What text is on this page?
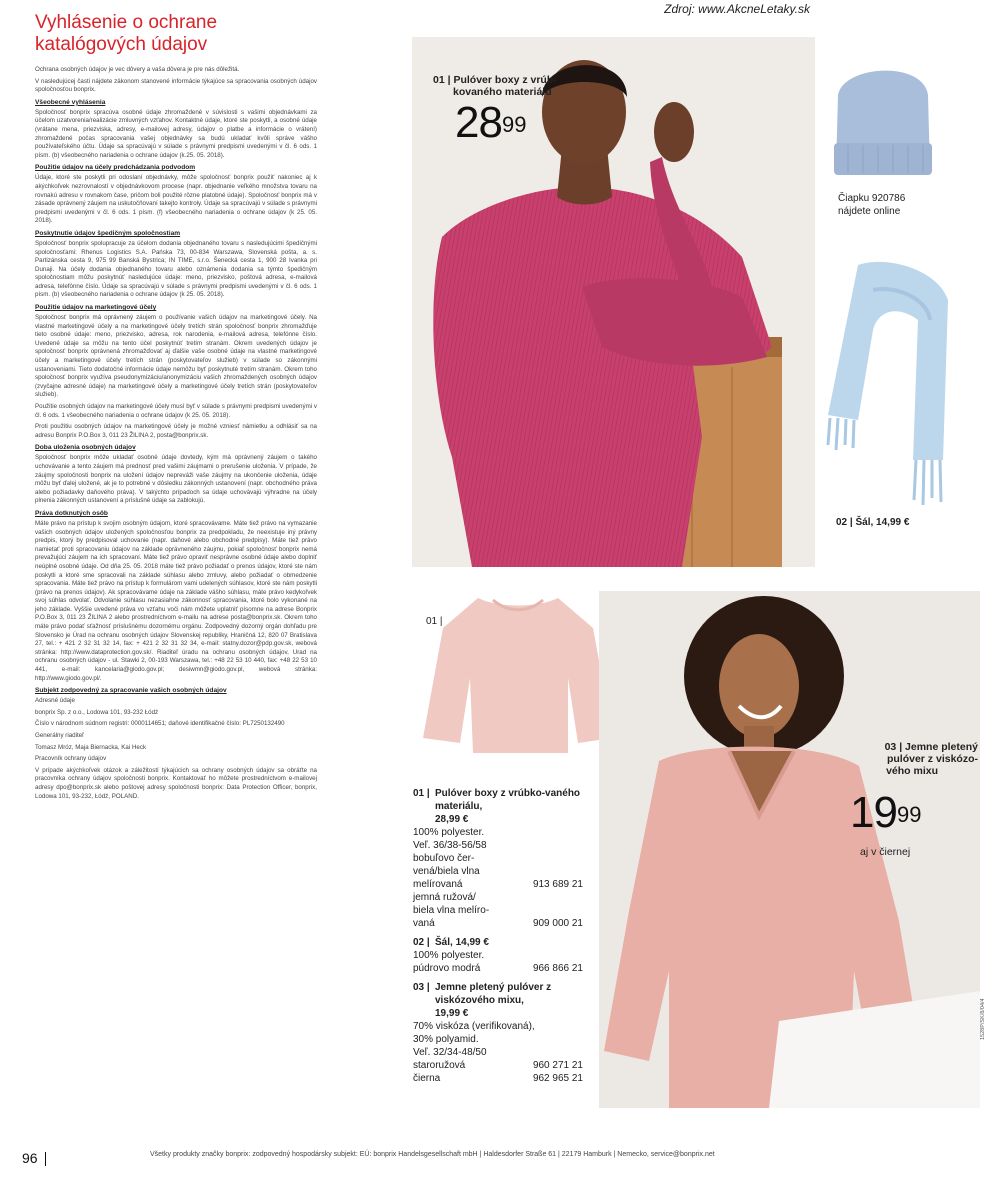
Zdroj: www.AkcneLetaky.sk
Vyhlásenie o ochrane
katalógových údajov

Ochrana osobných údajov je vec dôvery a vaša dôvera je pre nás dôležitá.

V nasledujúcej časti nájdete zákonom stanovené informácie týkajúce sa spracovania osobných údajov spoločnosťou bonprix.

Všeobecné vyhlásenia

Spoločnosť bonprix spracúva osobné údaje zhromaždené v súvislosti s vašimi objednávkami za účelom uzatvorenia/realizácie zmluvných vzťahov. Kontaktné údaje, ktoré ste poskytli, a osobné údaje (vrátane mena, priezviska, adresy, e-mailovej adresy, údajov o platbe a informácie o vrátení) zhromaždené počas spracovania vašej objednávky sa budú ukladať kvôli správe vášho používateľského účtu. Údaje sa spracúvajú v súlade s právnymi predpismi uvedenými v čl. 6 ods. 1 písm. (b) všeobecného nariadenia o ochrane údajov (k.25. 05. 2018).

Použitie údajov na účely predchádzania podvodom

Údaje, ktoré ste poskytli pri odoslaní objednávky, môže spoločnosť bonprix použiť nakoniec aj k akýchkoľvek nezrovnalostí v objednávkovom procese (napr. objednanie veľkého množstva tovaru na rovnakú adresu v rovnakom čase, pričom boli použité rôzne platobné údaje). Spoločnosť bonprix má v zásade oprávnený záujem na uskutočňovaní takejto kontroly. Údaje sa spracúvajú v súlade s právnymi predpismi uvedenými v čl. 6 ods. 1 písm. (f) všeobecného nariadenia o ochrane údajov (k 25. 05. 2018).

Poskytnutie údajov špedičným spoločnostiam

Spoločnosť bonprix spolupracuje za účelom dodania objednaného tovaru s nasledujúcimi špedičnými spoločnosťami: Rhenus Logistics S.A. Pańska 73, 00-834 Warszawa, Slovenská pošta, a. s. Partizánska cesta 9, 975 99 Banská Bystrica; IN TIME, s.r.o. Šenecká cesta 1, 900 28 Ivanka pri Dunaji. Na účely dodania objednaného tovaru alebo oznámenia dodania sa týmto špedičným spoločnostiam môžu poskytnúť nasledujúce údaje: meno, priezvisko, poštová adresa, e-mailová adresa, telefónne číslo. Údaje sa spracúvajú v súlade s právnymi predpismi uvedenými v čl. 6 ods. 1 písm. (b) všeobecného nariadenia o ochrane údajov (k 25. 05. 2018).

Použitie údajov na marketingové účely

Spoločnosť bonprix má oprávnený záujem o používanie vašich údajov na marketingové účely. Na vlastné marketingové účely a na marketingové účely tretích strán spoločnosť bonprix zhromažďuje tieto osobné údaje: meno, priezvisko, adresa, rok narodenia, e-mailová adresa, telefónne číslo. Uvedené údaje sa môžu na tento účel poskytnúť tretím stranám. Okrem uvedených údajov je spoločnosť bonprix oprávnená zhromažďovať aj ďalšie vaše osobné údaje na vlastné marketingové účely a marketingové účely tretích strán (poskytovateľov služieb) v súlade so zákonnými ustanoveniami. Tieto dodatočné informácie údaje nemôžu byť poskytnuté tretím stranám. Okrem toho spoločnosť bonprix využíva pseudonymizáciu/anonymizáciu vašich zhromaždených osobných údajov (zvyčajne adresné údaje) na marketingové účely a marketingové účely tretích strán (poskytovateľov služieb).

Použitie osobných údajov na marketingové účely musí byť v súlade s právnymi predpismi uvedenými v čl. 6 ods. 1 všeobecného nariadenia o ochrane údajov (k 25. 05. 2018).

Proti použitiu osobných údajov na marketingové účely je možné vzniesť námietku a odhlásiť sa na adresu Bonprix P.O.Box 3, 011 23 ŽILINA 2, posta@bonprix.sk.

Doba uloženia osobných údajov

Spoločnosť bonprix môže ukladať osobné údaje dovtedy, kým má oprávnený záujem o takého uchovávanie a tento záujem má prednosť pred vašimi záujmami o prerušenie uloženia. V prípade, že záujmy spoločnosti bonprix na uložení údajov nepreváži vaše záujmy na ukončenie uloženia, údaje môžu byť ďalej uložené, ak je to potrebné v dôsledku zákonných ustanovení (napr. obchodného práva alebo požiadavky daňového práva). V takýchto prípadoch sa údaje uchovávajú výhradne na účely plnenia zákonných ustanovení a príslušné údaje sa zablokujú.

Práva dotknutých osôb

Máte právo na prístup k svojim osobným údajom, ktoré spracovávame. Máte tiež právo na vymazanie vašich osobných údajov uložených spoločnosťou bonprix za predpokladu, že neexistuje iný právny predpis, ktorý by predpisoval uchovanie (napr. daňové alebo obchodné predpisy). Máte tiež právo namietať proti spracovaniu údajov na základe oprávneného záujmu, pokiaľ spoločnosť bonprix nemá prevažujúci záujem na ich spracovaní. Máte tiež právo opraviť nesprávne osobné údaje alebo doplniť neúplné osobné údaje. Od dňa 25. 05. 2018 máte tiež právo požiadať o prenos údajov, ktoré ste nám poskytli a ktoré sme spracovali na základe súhlasu alebo zmluvy, alebo požiadať o obmedzenie spracovania. Máte tiež právo na prístup k formulárom vami udelených súhlasov, ktoré ste nám poskytli (právo na prenos údajov). Ak spracovávame údaje na základe vášho súhlasu, máte právo kedykoľvek svoj súhlas odvolať. Odvolanie súhlasu nezasiahne zákonnosť spracovania, ktoré bolo vykonané na jeho základe. Vyššie uvedené práva vo vzťahu voči nám môžete uplatniť písomne na adrese Bonprix P.O.Box 3, 011 23 ŽILINA 2 alebo prostredníctvom e-mailu na adrese posta@bonprix.sk. Okrem toho máte právo podať sťažnosť príslušnému dozornému orgánu. Zodpovedný dozorný orgán dohľadu pre Slovensko je Úrad na ochranu osobných údajov Slovenskej republiky, Hraničná 12, 820 07 Bratislava 27, tel.: + 421 2 32 31 32 14, fax: + 421 2 32 31 32 34, e-mail: statny.dozor@pdp.gov.sk, webová stránka: http://www.dataprotection.gov.sk/. Riaditeľ úradu na ochranu osobných údajov, Urad na ochranu osobných údajov - ul. Stawki 2, 00-193 Warszawa, tel.: +48 22 53 10 440, fax: +48 22 53 10 441, e-mail: kancelaria@giodo.gov.pl; desiwmn@giodo.gov.pl, webová stránka: http://www.giodo.gov.pl/.

Subjekt zodpovedný za spracovanie vašich osobných údajov

Adresné údaje

bonprix Sp. z o.o., Lodowa 101, 93-232 Łódź

Číslo v národnom súdnom registri: 0000114651; daňové identifikačné číslo: PL7250132490

Generálny riaditeľ

Tomasz Mróz, Maja Biernacka, Kai Heck

Pracovník ochrany údajov

V prípade akýchkoľvek otázok a záležitostí týkajúcich sa ochrany osobných údajov sa obráťte na pracovníka ochrany údajov spoločnosti bonprix. Kontaktovať ho môžete prostredníctvom e-mailovej adresy dpo@bonprix.sk alebo poštovej adresy spoločnosti bonprix: Data Protection Officer, bonprix, Lodowa 101, 93-232, Łódź, POLAND.

01 | Pulóver boxy z vrúb-
kovaného materiálu
$28^{99}$
Čiapku 920786
nájdete online
02 | Šál, 14,99 €
01 |
03 | Jemne pletený
pulóver z viskózo-
vého mixu
$19^{99}$
aj v čiernej
01 | Pulóver boxy z vrúbko-vaného materiálu,
28,99 €
100% polyester.
Veľ. 36/38-56/58
bobuľovo čer-
vená/biela vlna
melírovaná	913 689 21
jemná ružová/
biela vlna melíro-
vaná	909 000 21
02 | Šál, 14,99 €
100% polyester.
púdrovo modrá	966 866 21
03 | Jemne pletený pulóver z viskózového mixu,
19,99 €
70% viskóza (verifikovaná),
30% polyamid.
Veľ. 32/34-48/50
staroružová	960 271 21
čierna	962 965 21
96	Všetky produkty značky bonprix: zodpovedný hospodársky subjekt: EÚ: bonprix Handelsgesellschaft mbH | Haldesdorfer Straße 61 | 22179 Hamburk | Nemecko, service@bonprix.net
1528P/SK/8/04/4
